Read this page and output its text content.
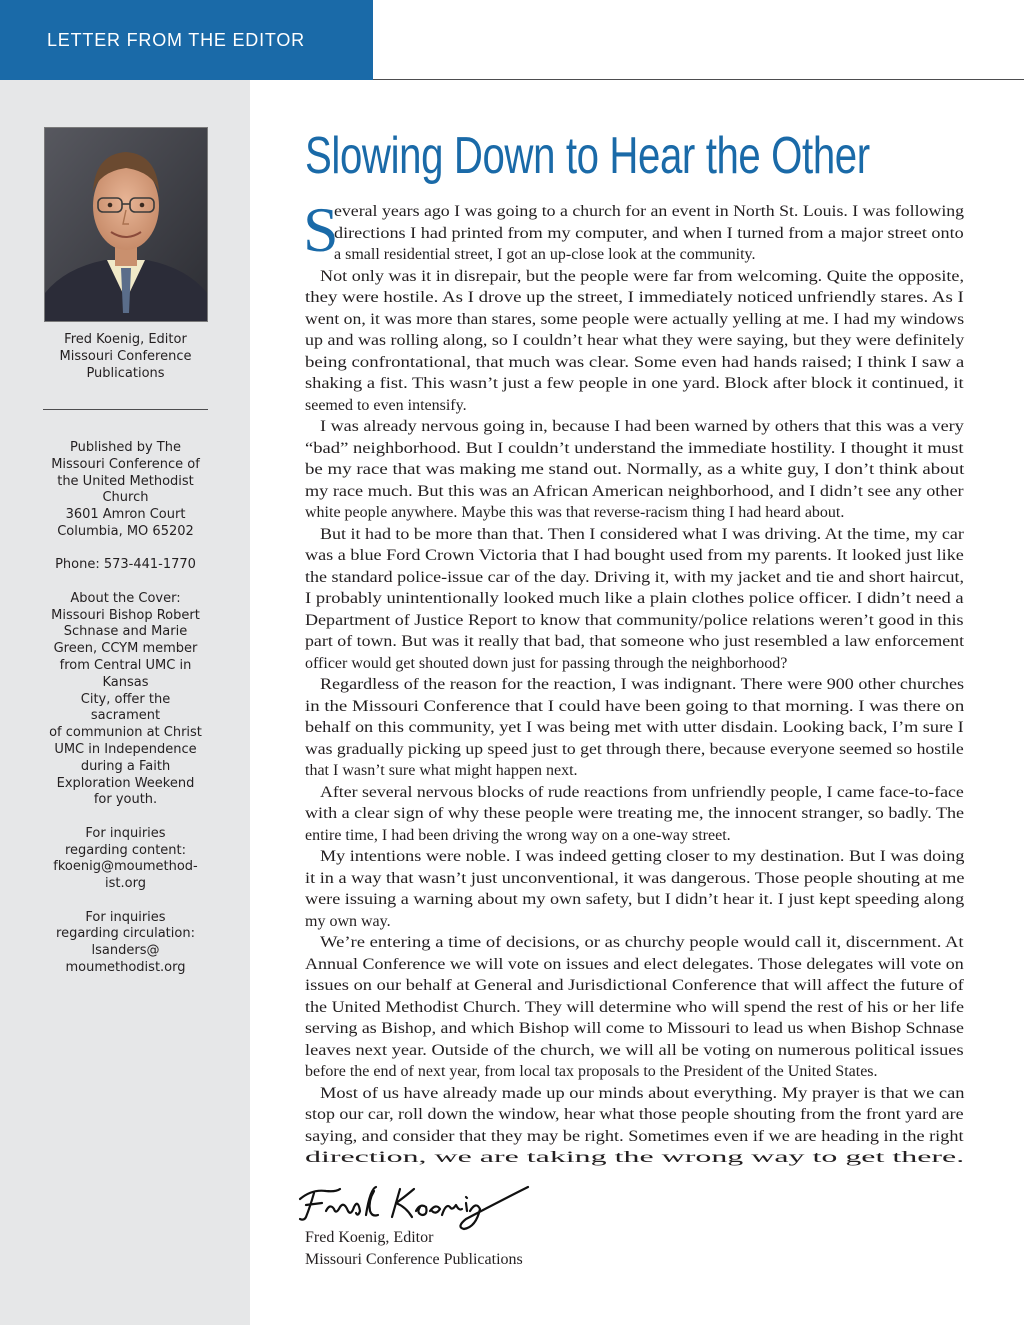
LETTER FROM THE EDITOR
Fred Koenig, Editor
Missouri Conference
Publications
Published by The
Missouri Conference of
the United Methodist
Church
3601 Amron Court
Columbia, MO 65202
Phone: 573-441-1770
About the Cover:
Missouri Bishop Robert
Schnase and Marie
Green, CCYM member
from Central UMC in
Kansas
City, offer the
sacrament
of communion at Christ
UMC in Independence
during a Faith
Exploration Weekend
for youth.
For inquiries
regarding content:
fkoenig@moumethod-
ist.org
For inquiries
regarding circulation:
lsanders@
moumethodist.org
Slowing Down to Hear the Other
S
everal years ago I was going to a church for an event in North St. Louis. I was following
directions I had printed from my computer, and when I turned from a major street onto
a small residential street, I got an up-close look at the community.
Not only was it in disrepair, but the people were far from welcoming. Quite the opposite,
they were hostile. As I drove up the street, I immediately noticed unfriendly stares. As I
went on, it was more than stares, some people were actually yelling at me. I had my windows
up and was rolling along, so I couldn’t hear what they were saying, but they were definitely
being confrontational, that much was clear. Some even had hands raised; I think I saw a
shaking a fist. This wasn’t just a few people in one yard. Block after block it continued, it
seemed to even intensify.
I was already nervous going in, because I had been warned by others that this was a very
“bad” neighborhood. But I couldn’t understand the immediate hostility. I thought it must
be my race that was making me stand out. Normally, as a white guy, I don’t think about
my race much. But this was an African American neighborhood, and I didn’t see any other
white people anywhere. Maybe this was that reverse-racism thing I had heard about.
But it had to be more than that. Then I considered what I was driving. At the time, my car
was a blue Ford Crown Victoria that I had bought used from my parents. It looked just like
the standard police-issue car of the day. Driving it, with my jacket and tie and short haircut,
I probably unintentionally looked much like a plain clothes police officer. I didn’t need a
Department of Justice Report to know that community/police relations weren’t good in this
part of town. But was it really that bad, that someone who just resembled a law enforcement
officer would get shouted down just for passing through the neighborhood?
Regardless of the reason for the reaction, I was indignant. There were 900 other churches
in the Missouri Conference that I could have been going to that morning. I was there on
behalf on this community, yet I was being met with utter disdain. Looking back, I’m sure I
was gradually picking up speed just to get through there, because everyone seemed so hostile
that I wasn’t sure what might happen next.
After several nervous blocks of rude reactions from unfriendly people, I came face-to-face
with a clear sign of why these people were treating me, the innocent stranger, so badly. The
entire time, I had been driving the wrong way on a one-way street.
My intentions were noble. I was indeed getting closer to my destination. But I was doing
it in a way that wasn’t just unconventional, it was dangerous. Those people shouting at me
were issuing a warning about my own safety, but I didn’t hear it. I just kept speeding along
my own way.
We’re entering a time of decisions, or as churchy people would call it, discernment. At
Annual Conference we will vote on issues and elect delegates. Those delegates will vote on
issues on our behalf at General and Jurisdictional Conference that will affect the future of
the United Methodist Church. They will determine who will spend the rest of his or her life
serving as Bishop, and which Bishop will come to Missouri to lead us when Bishop Schnase
leaves next year. Outside of the church, we will all be voting on numerous political issues
before the end of next year, from local tax proposals to the President of the United States.
Most of us have already made up our minds about everything. My prayer is that we can
stop our car, roll down the window, hear what those people shouting from the front yard are
saying, and consider that they may be right. Sometimes even if we are heading in the right
direction, we are taking the wrong way to get there.
Fred Koenig, Editor
Missouri Conference Publications
